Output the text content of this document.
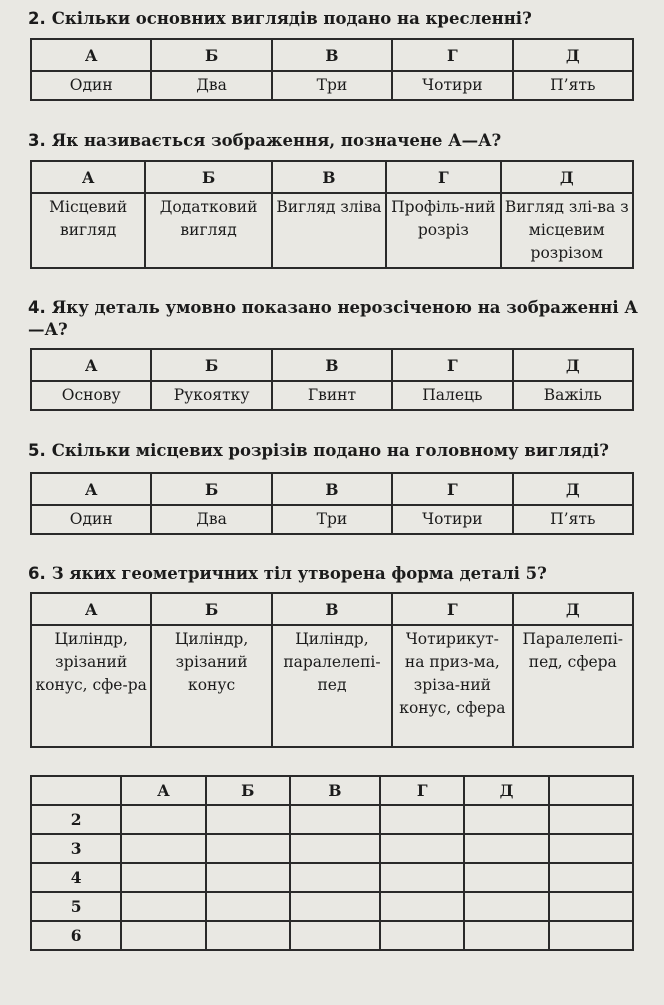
2. Скільки основних виглядів подано на кресленні?
А	Б	В	Г	Д
Один	Два	Три	Чотири	П’ять
3. Як називається зображення, позначене А—А?
А	Б	В	Г	Д
Місцевий вигляд	Додатковий вигляд	Вигляд зліва	Профіль-ний розріз	Вигляд злі-ва з місцевим розрізом
4. Яку деталь умовно показано нерозсіченою на зображенні А—А?
А	Б	В	Г	Д
Основу	Рукоятку	Гвинт	Палець	Важіль
5. Скільки місцевих розрізів подано на головному вигляді?
А	Б	В	Г	Д
Один	Два	Три	Чотири	П’ять
6. З яких геометричних тіл утворена форма деталі 5?
А	Б	В	Г	Д
Циліндр, зрізаний конус, сфе-ра	Циліндр, зрізаний конус	Циліндр, паралелепі-пед	Чотирикут-на приз-ма, зріза-ний конус, сфера	Паралелепі-пед, сфера
	А	Б	В	Г	Д	
2						
3						
4						
5						
6						
